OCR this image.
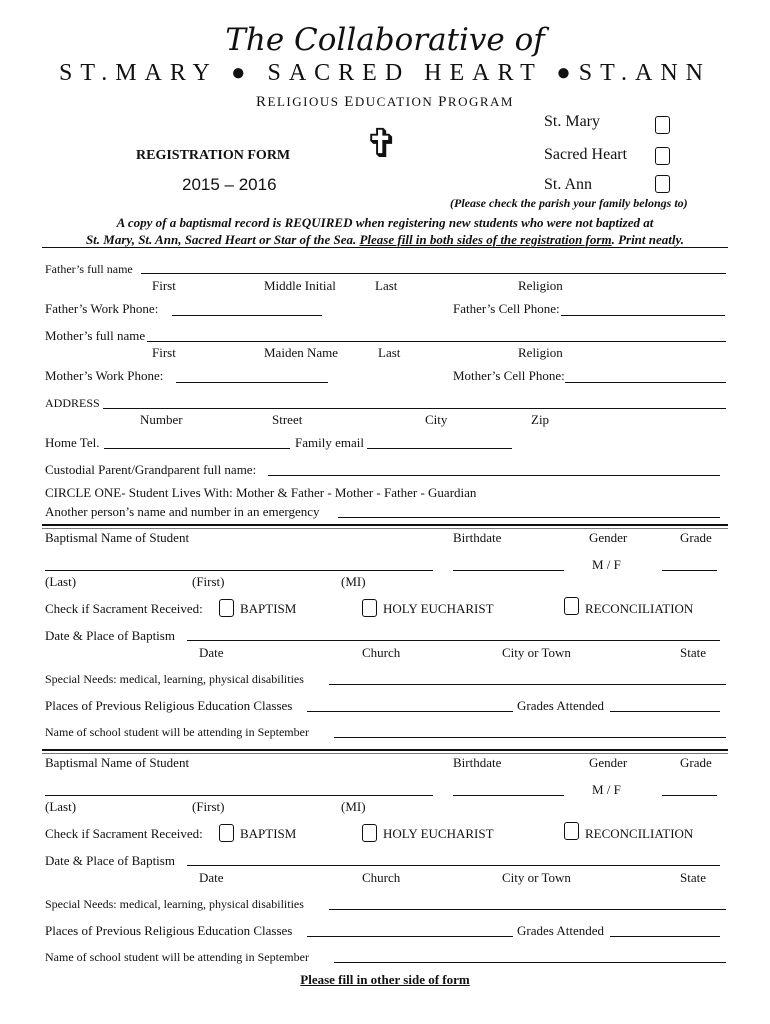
The Collaborative of
ST.MARY ● SACRED HEART ●ST.ANN
RELIGIOUS EDUCATION PROGRAM
REGISTRATION FORM
2015 – 2016
✞	St. Mary
Sacred Heart
St. Ann
(Please check the parish your family belongs to)
A copy of a baptismal record is REQUIRED when registering new students who were not baptized at
St. Mary, St. Ann, Sacred Heart or Star of the Sea. Please fill in both sides of the registration form. Print neatly.
Father’s full name
First	Middle Initial	Last	Religion
Father’s Work Phone:	Father’s Cell Phone:
Mother’s full name
First	Maiden Name	Last	Religion
Mother’s Work Phone:	Mother’s Cell Phone:
ADDRESS
Number	Street	City	Zip
Home Tel.	Family email
Custodial Parent/Grandparent full name:
CIRCLE ONE- Student Lives With: Mother & Father - Mother - Father - Guardian
Another person’s name and number in an emergency
Baptismal Name of Student	Birthdate	Gender	Grade
M / F
(Last)	(First)	(MI)
Check if Sacrament Received:	BAPTISM	HOLY EUCHARIST	RECONCILIATION
Date & Place of Baptism
Date	Church	City or Town	State
Special Needs: medical, learning, physical disabilities
Places of Previous Religious Education Classes	Grades Attended
Name of school student will be attending in September
Baptismal Name of Student	Birthdate	Gender	Grade
M / F
(Last)	(First)	(MI)
Check if Sacrament Received:	BAPTISM	HOLY EUCHARIST	RECONCILIATION
Date & Place of Baptism
Date	Church	City or Town	State
Special Needs: medical, learning, physical disabilities
Places of Previous Religious Education Classes	Grades Attended
Name of school student will be attending in September
Please fill in other side of form
